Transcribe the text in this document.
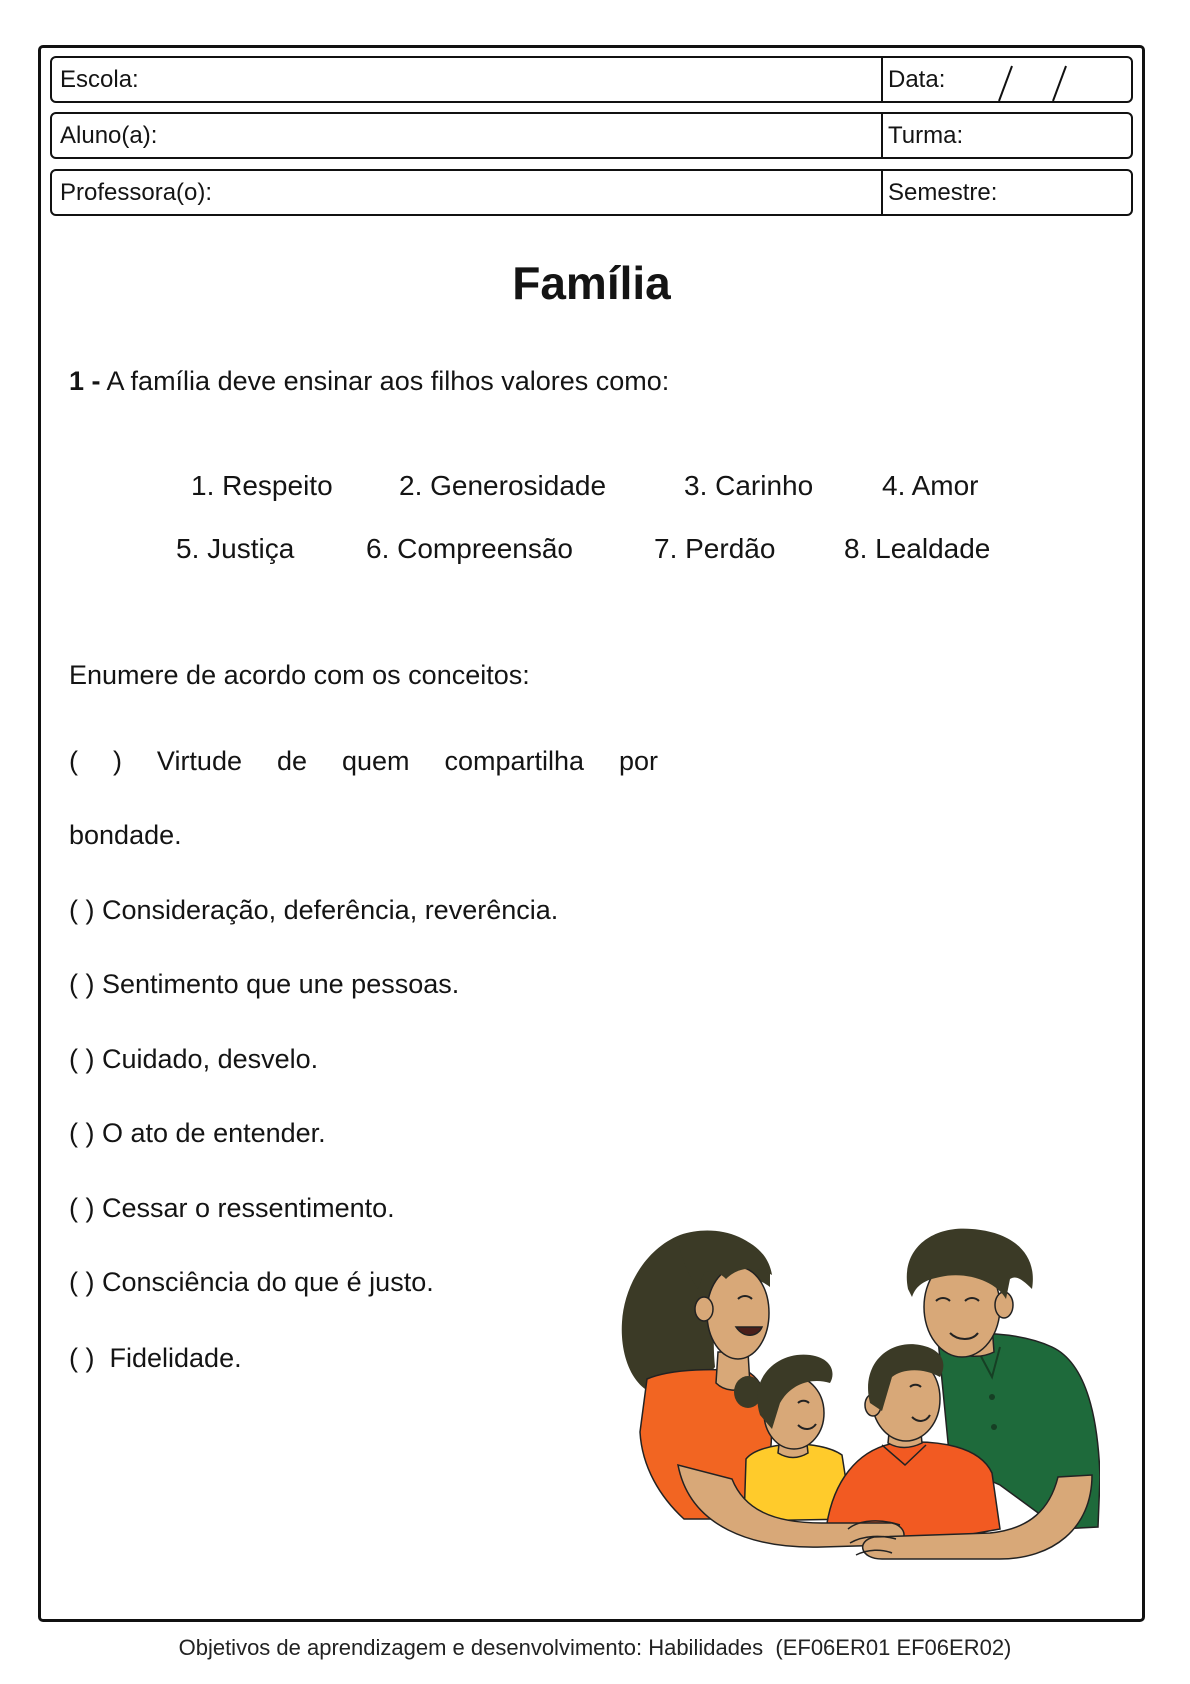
Escola:	Data:
Aluno(a):	Turma:
Professora(o):	Semestre:
Família
1 - A família deve ensinar aos filhos valores como:
1. Respeito 2. Generosidade	3. Carinho 4. Amor
5. Justiça	6. Compreensão	7. Perdão 8. Lealdade
Enumere de acordo com os conceitos:
( ) Virtude de quem compartilha por
bondade.
( ) Consideração, deferência, reverência.
( ) Sentimento que une pessoas.
( ) Cuidado, desvelo.
( ) O ato de entender.
( ) Cessar o ressentimento.
( ) Consciência do que é justo.
( )  Fidelidade.
Objetivos de aprendizagem e desenvolvimento: Habilidades  (EF06ER01 EF06ER02)
